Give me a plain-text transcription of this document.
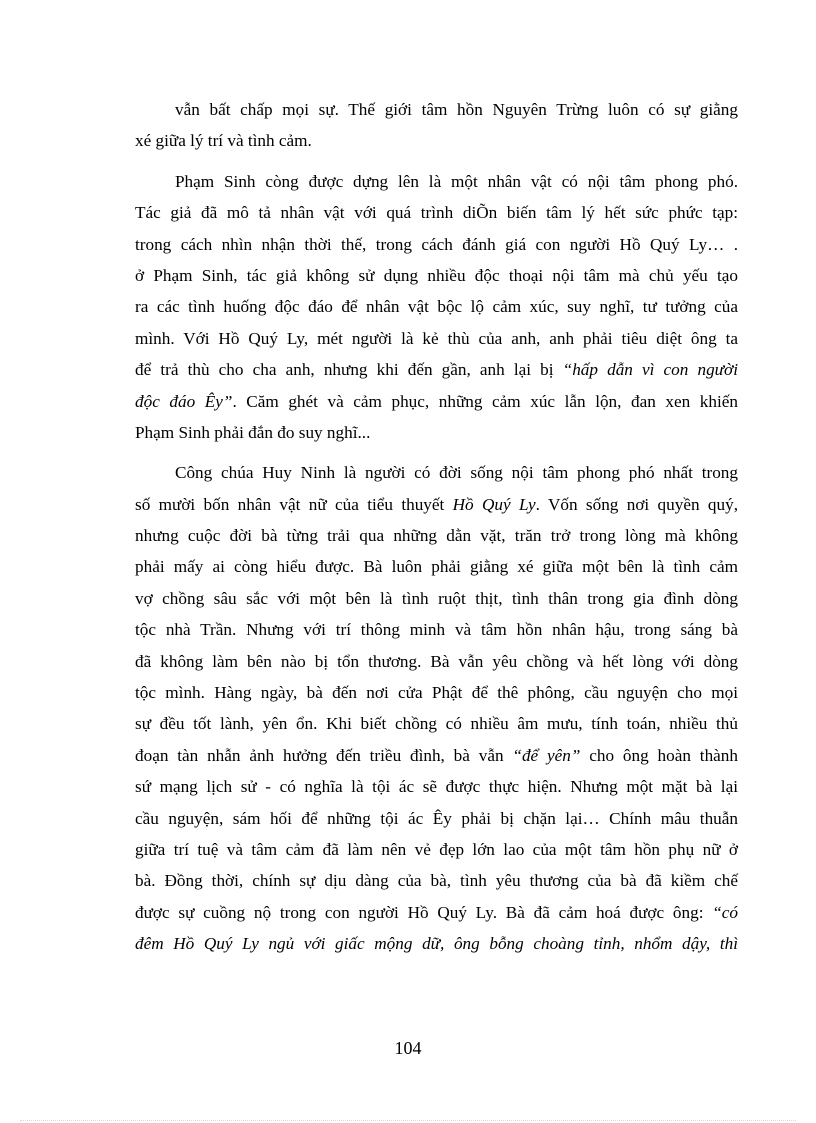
vẫn bất chấp mọi sự. Thế giới tâm hồn Nguyên Trừng luôn có sự giằng
xé giữa lý trí và tình cảm.
Phạm Sinh còng được dựng lên là một nhân vật có nội tâm phong phó.
Tác giả đã mô tả nhân vật với quá trình diÕn biến tâm lý hết sức phức tạp:
trong cách nhìn nhận thời thế, trong cách đánh giá con người Hồ Quý Ly… .
ở Phạm Sinh, tác giả không sử dụng nhiều độc thoại nội tâm mà chủ yếu tạo
ra các tình huống độc đáo để nhân vật bộc lộ cảm xúc, suy nghĩ, tư tưởng của
mình. Với Hồ Quý Ly, mét người là kẻ thù của anh, anh phải tiêu diệt ông ta
để trả thù cho cha anh, nhưng khi đến gần, anh lại bị “hấp dẫn vì con người
độc đáo Êy”. Căm ghét và cảm phục, những cảm xúc lẫn lộn, đan xen khiến
Phạm Sinh phải đắn đo suy nghĩ...
Công chúa Huy Ninh là người có đời sống nội tâm phong phó nhất trong
số mười bốn nhân vật nữ của tiểu thuyết Hồ Quý Ly. Vốn sống nơi quyền quý,
nhưng cuộc đời bà từng trải qua những dằn vặt, trăn trở trong lòng mà không
phải mấy ai còng hiểu được. Bà luôn phải giằng xé giữa một bên là tình cảm
vợ chồng sâu sắc với một bên là tình ruột thịt, tình thân trong gia đình dòng
tộc nhà Trần. Nhưng với trí thông minh và tâm hồn nhân hậu, trong sáng bà
đã không làm bên nào bị tổn thương. Bà vẫn yêu chồng và hết lòng với dòng
tộc mình. Hàng ngày, bà đến nơi cửa Phật để thê phông, cầu nguyện cho mọi
sự đều tốt lành, yên ổn. Khi biết chồng có nhiều âm mưu, tính toán, nhiều thủ
đoạn tàn nhẫn ảnh hưởng đến triều đình, bà vẫn “để yên” cho ông hoàn thành
sứ mạng lịch sử - có nghĩa là tội ác sẽ được thực hiện. Nhưng một mặt bà lại
cầu nguyện, sám hối để những tội ác Êy phải bị chặn lại… Chính mâu thuẫn
giữa trí tuệ và tâm cảm đã làm nên vẻ đẹp lớn lao của một tâm hồn phụ nữ ở
bà. Đồng thời, chính sự dịu dàng của bà, tình yêu thương của bà đã kiềm chế
được sự cuồng nộ trong con người Hồ Quý Ly. Bà đã cảm hoá được ông: “có
đêm Hồ Quý Ly ngủ với giấc mộng dữ, ông bỗng choàng tỉnh, nhổm dậy, thì
104
